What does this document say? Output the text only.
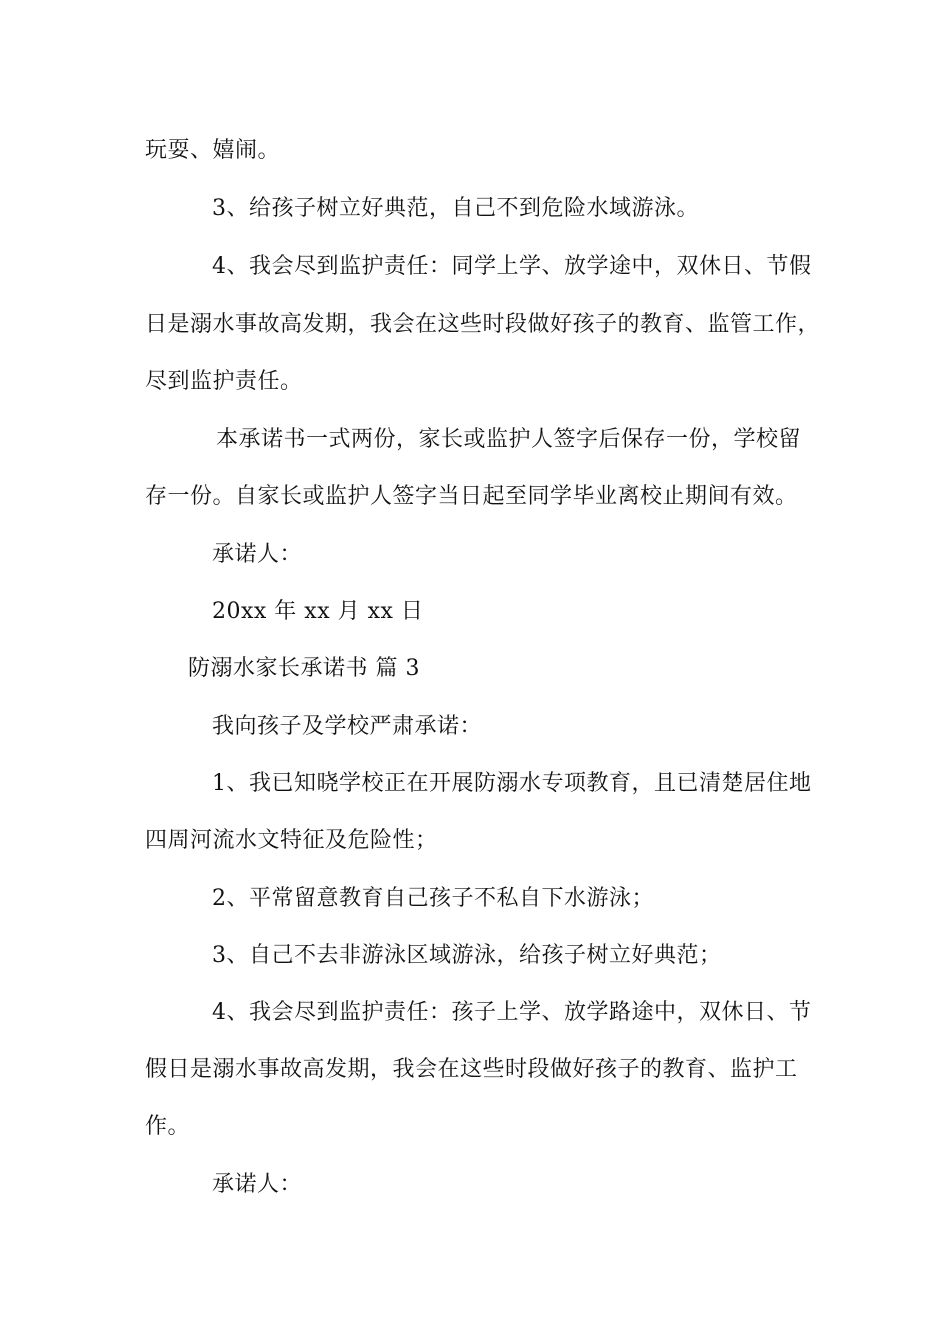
玩耍、嬉闹。
3、给孩子树立好典范，自己不到危险水域游泳。
4、我会尽到监护责任：同学上学、放学途中，双休日、节假
日是溺水事故高发期，我会在这些时段做好孩子的教育、监管工作，
尽到监护责任。
本承诺书一式两份，家长或监护人签字后保存一份，学校留
存一份。自家长或监护人签字当日起至同学毕业离校止期间有效。
承诺人：
20xx 年 xx 月 xx 日
防溺水家长承诺书 篇 3
我向孩子及学校严肃承诺：
1、我已知晓学校正在开展防溺水专项教育，且已清楚居住地
四周河流水文特征及危险性；
2、平常留意教育自己孩子不私自下水游泳；
3、自己不去非游泳区域游泳，给孩子树立好典范；
4、我会尽到监护责任：孩子上学、放学路途中，双休日、节
假日是溺水事故高发期，我会在这些时段做好孩子的教育、监护工
作。
承诺人：
